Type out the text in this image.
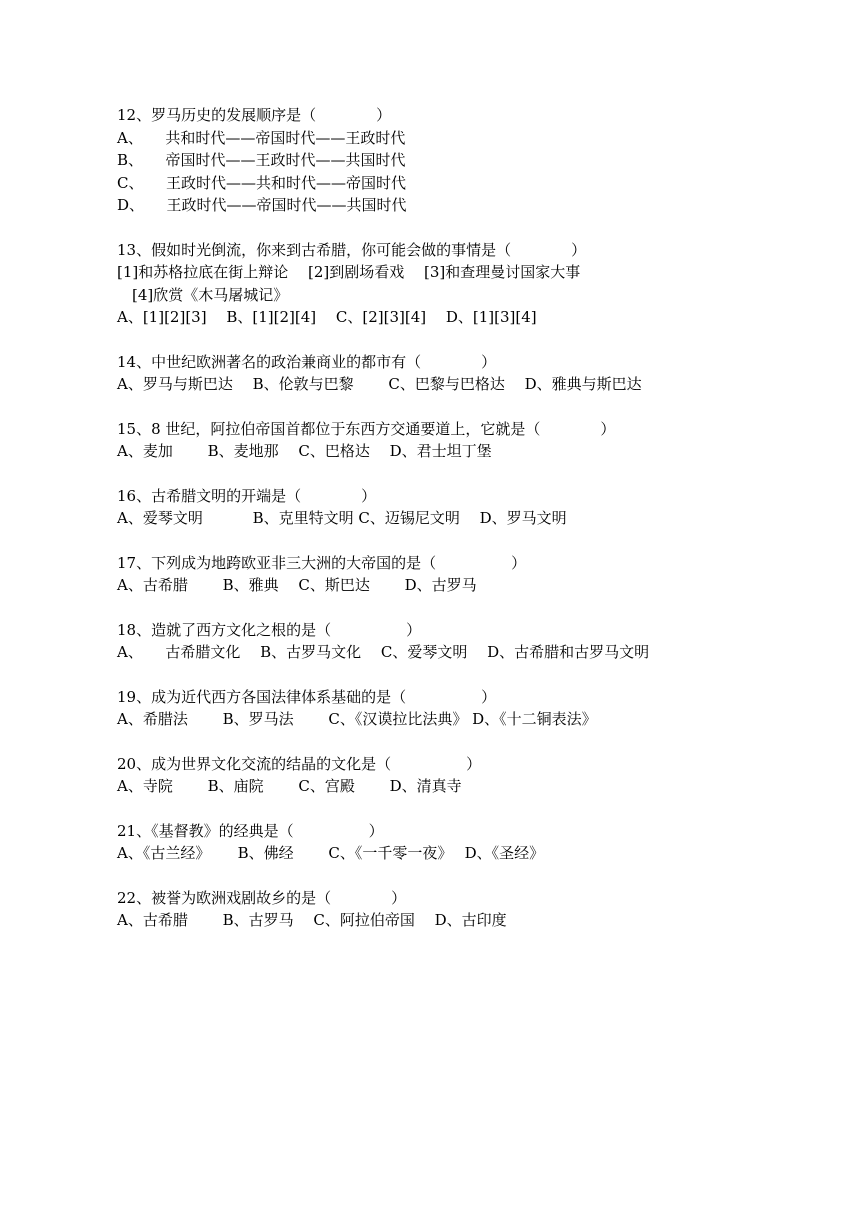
12、罗马历史的发展顺序是（　　　　）
A、　　共和时代——帝国时代——王政时代
B、　　帝国时代——王政时代——共国时代
C、　　王政时代——共和时代——帝国时代
D、　　王政时代——帝国时代——共国时代
13、假如时光倒流，你来到古希腊，你可能会做的事情是（　　　　）
[1]和苏格拉底在街上辩论　 [2]到剧场看戏　 [3]和查理曼讨国家大事
　[4]欣赏《木马屠城记》
A、[1][2][3]　 B、[1][2][4]　 C、[2][3][4]　 D、[1][3][4]
14、中世纪欧洲著名的政治兼商业的都市有（　　　　）
A、罗马与斯巴达　 B、伦敦与巴黎　　 C、巴黎与巴格达　 D、雅典与斯巴达
15、8 世纪，阿拉伯帝国首都位于东西方交通要道上，它就是（　　　　）
A、麦加　　 B、麦地那　 C、巴格达　 D、君士坦丁堡
16、古希腊文明的开端是（　　　　）
A、爱琴文明　　　 B、克里特文明 C、迈锡尼文明　 D、罗马文明
17、下列成为地跨欧亚非三大洲的大帝国的是（　　　　　）
A、古希腊　　 B、雅典　 C、斯巴达　　 D、古罗马
18、造就了西方文化之根的是（　　　　　）
A、　　古希腊文化　 B、古罗马文化　 C、爱琴文明　 D、古希腊和古罗马文明
19、成为近代西方各国法律体系基础的是（　　　　　）
A、希腊法　　 B、罗马法　　 C、《汉谟拉比法典》 D、《十二铜表法》
20、成为世界文化交流的结晶的文化是（　　　　　）
A、寺院　　 B、庙院　　 C、宫殿　　 D、清真寺
21、《基督教》的经典是（　　　　　）
A、《古兰经》　　 B、佛经　　 C、《一千零一夜》　 D、《圣经》
22、被誉为欧洲戏剧故乡的是（　　　　）
A、古希腊　　 B、古罗马　 C、阿拉伯帝国　 D、古印度
